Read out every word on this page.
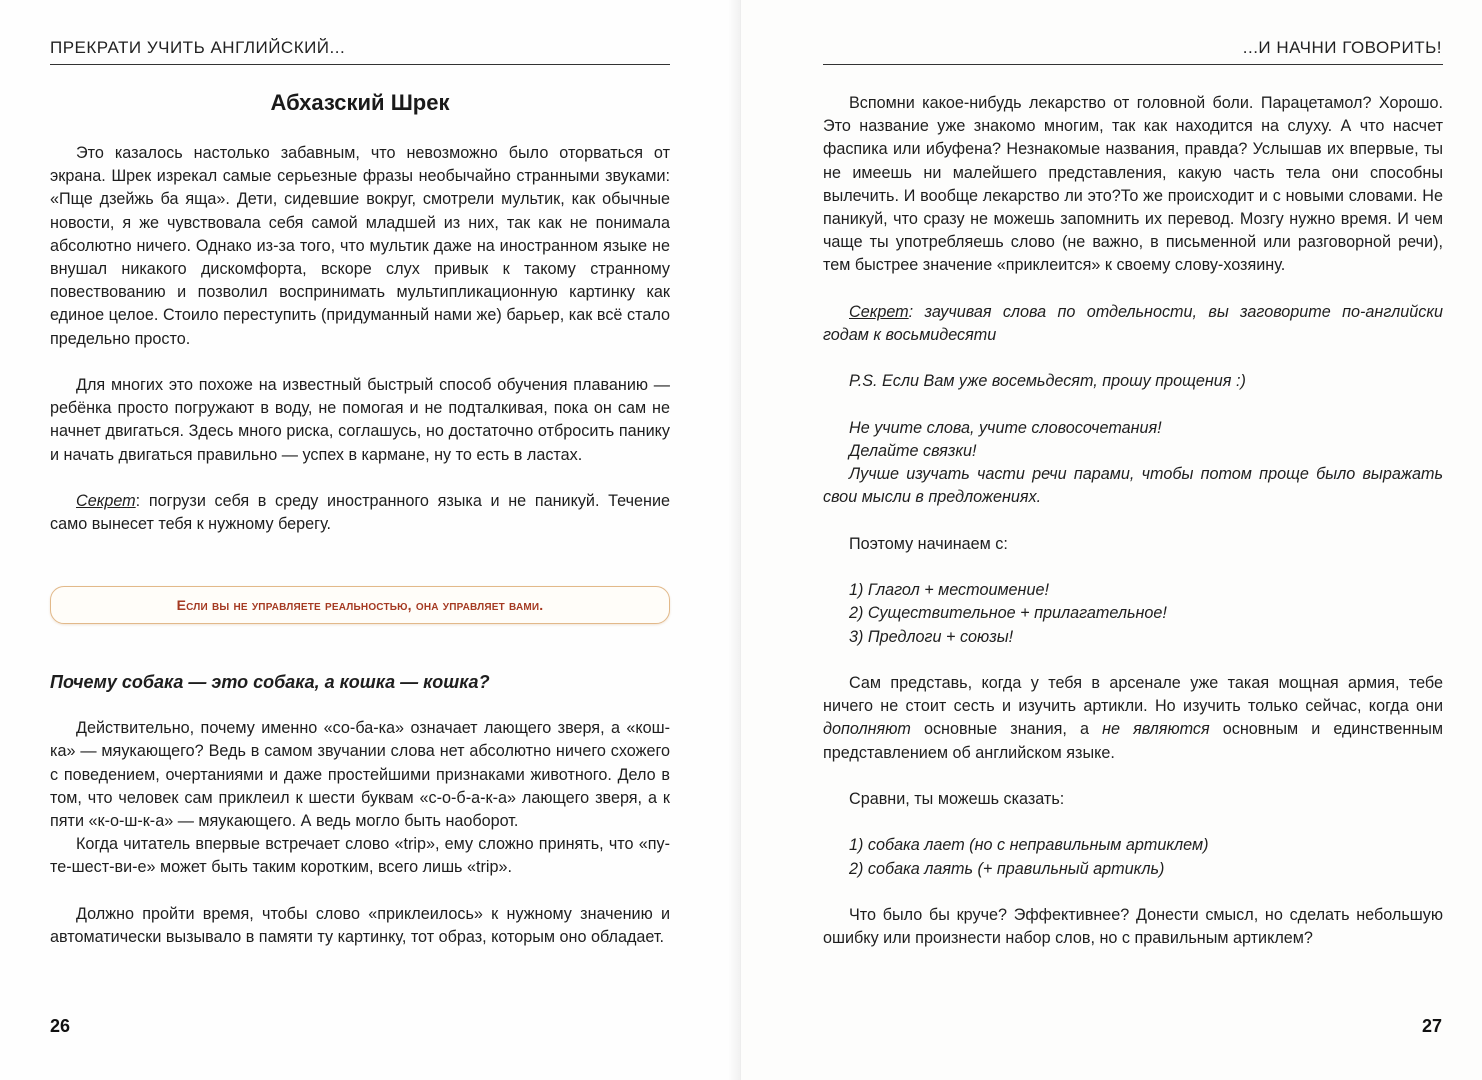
ПРЕКРАТИ УЧИТЬ АНГЛИЙСКИЙ...
Абхазский Шрек

Это казалось настолько забавным, что невозможно было оторваться от экрана. Шрек изрекал самые серьезные фразы необычайно странными звуками: «Пще дзейжь ба яща». Дети, сидевшие вокруг, смотрели мультик, как обычные новости, я же чувствовала себя самой младшей из них, так как не понимала абсолютно ничего. Однако из-за того, что мультик даже на иностранном языке не внушал никакого дискомфорта, вскоре слух привык к такому странному повествованию и позволил воспринимать мультипликационную картинку как единое целое. Стоило переступить (придуманный нами же) барьер, как всё стало предельно просто.

Для многих это похоже на известный быстрый способ обучения плаванию — ребёнка просто погружают в воду, не помогая и не подталкивая, пока он сам не начнет двигаться. Здесь много риска, соглашусь, но достаточно отбросить панику и начать двигаться правильно — успех в кармане, ну то есть в ластах.

Секрет: погрузи себя в среду иностранного языка и не паникуй. Течение само вынесет тебя к нужному берегу.

Если вы не управляете реальностью, она управляет вами.

Почему собака — это собака, а кошка — кошка?

Действительно, почему именно «со-ба-ка» означает лающего зверя, а «кош-ка» — мяукающего? Ведь в самом звучании слова нет абсолютно ничего схожего с поведением, очертаниями и даже простейшими признаками животного. Дело в том, что человек сам приклеил к шести буквам «с-о-б-а-к-а» лающего зверя, а к пяти «к-о-ш-к-а» — мяукающего. А ведь могло быть наоборот.

Когда читатель впервые встречает слово «trip», ему сложно принять, что «пу-те-шест-ви-е» может быть таким коротким, всего лишь «trip».

Должно пройти время, чтобы слово «приклеилось» к нужному значению и автоматически вызывало в памяти ту картинку, тот образ, которым оно обладает.

26
...И НАЧНИ ГОВОРИТЬ!

Вспомни какое-нибудь лекарство от головной боли. Парацетамол? Хорошо. Это название уже знакомо многим, так как находится на слуху. А что насчет фаспика или ибуфена? Незнакомые названия, правда? Услышав их впервые, ты не имеешь ни малейшего представления, какую часть тела они способны вылечить. И вообще лекарство ли это?То же происходит и с новыми словами. Не паникуй, что сразу не можешь запомнить их перевод. Мозгу нужно время. И чем чаще ты употребляешь слово (не важно, в письменной или разговорной речи), тем быстрее значение «приклеится» к своему слову-хозяину.

Секрет: заучивая слова по отдельности, вы заговорите по-английски годам к восьмидесяти

P.S. Если Вам уже восемьдесят, прошу прощения :)

Не учите слова, учите словосочетания!

Делайте связки!

Лучше изучать части речи парами, чтобы потом проще было выражать свои мысли в предложениях.

Поэтому начинаем с:

1) Глагол + местоимение!

2) Существительное + прилагательное!

3) Предлоги + союзы!

Сам представь, когда у тебя в арсенале уже такая мощная армия, тебе ничего не стоит сесть и изучить артикли. Но изучить только сейчас, когда они дополняют основные знания, а не являются основным и единственным представлением об английском языке.

Сравни, ты можешь сказать:

1) собака лает (но с неправильным артиклем)

2) собака лаять (+ правильный артикль)

Что было бы круче? Эффективнее? Донести смысл, но сделать небольшую ошибку или произнести набор слов, но с правильным артиклем?

27
